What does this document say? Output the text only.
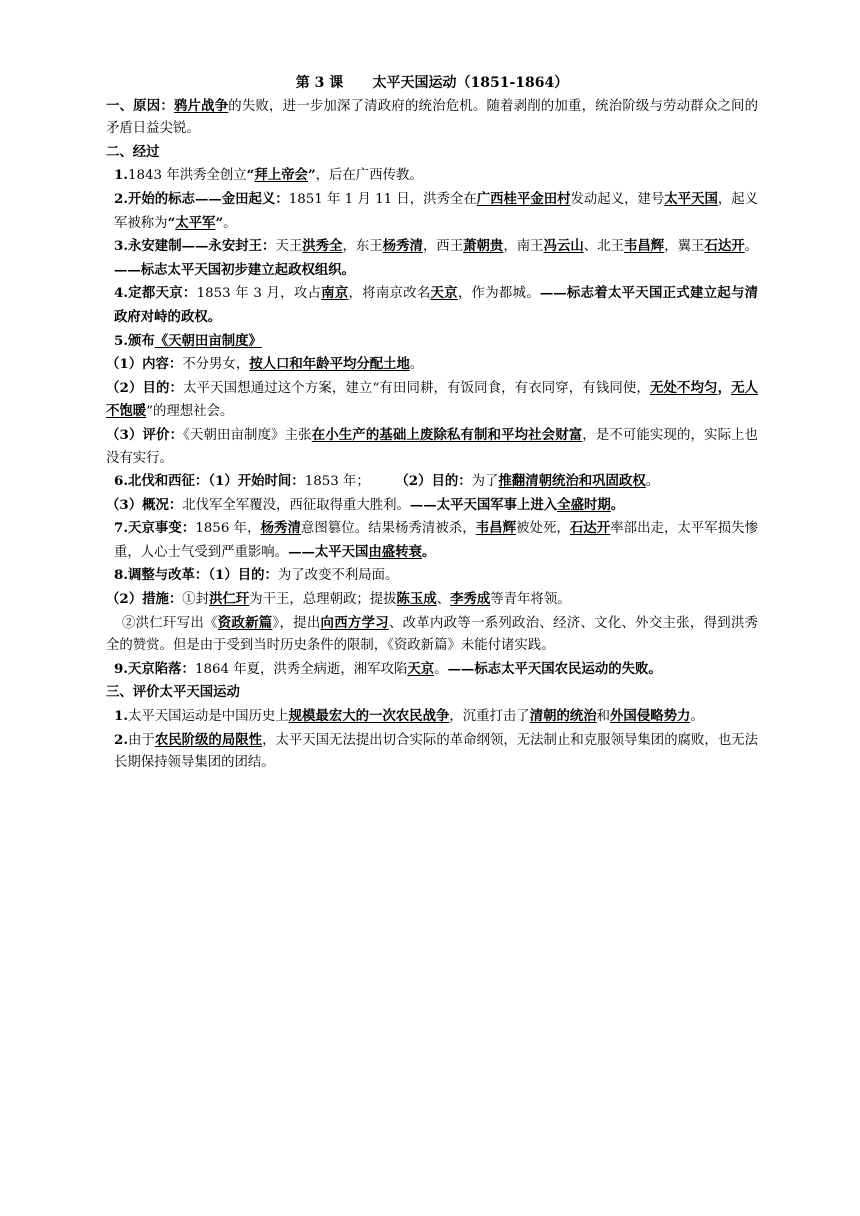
第 3 课 太平天国运动（1851-1864）

一、原因：鸦片战争的失败，进一步加深了清政府的统治危机。随着剥削的加重，统治阶级与劳动群众之间的矛盾日益尖锐。

二、经过

1.1843 年洪秀全创立“拜上帝会”，后在广西传教。

2.开始的标志——金田起义：1851 年 1 月 11 日，洪秀全在广西桂平金田村发动起义，建号太平天国，起义军被称为“太平军”。

3.永安建制——永安封王：天王洪秀全，东王杨秀清，西王萧朝贵，南王冯云山、北王韦昌辉，翼王石达开。——标志太平天国初步建立起政权组织。

4.定都天京：1853 年 3 月，攻占南京，将南京改名天京，作为都城。——标志着太平天国正式建立起与清政府对峙的政权。

5.颁布《天朝田亩制度》

（1）内容：不分男女，按人口和年龄平均分配土地。

（2）目的：太平天国想通过这个方案，建立“有田同耕，有饭同食，有衣同穿，有钱同使，无处不均匀，无人不饱暖”的理想社会。

（3）评价：《天朝田亩制度》主张在小生产的基础上废除私有制和平均社会财富，是不可能实现的，实际上也没有实行。

6.北伐和西征：（1）开始时间：1853 年； （2）目的：为了推翻清朝统治和巩固政权。

（3）概况：北伐军全军覆没，西征取得重大胜利。——太平天国军事上进入全盛时期。

7.天京事变：1856 年，杨秀清意图篡位。结果杨秀清被杀，韦昌辉被处死，石达开率部出走，太平军损失惨重，人心士气受到严重影响。——太平天国由盛转衰。

8.调整与改革：（1）目的：为了改变不利局面。

（2）措施：①封洪仁玕为干王，总理朝政；提拔陈玉成、李秀成等青年将领。

②洪仁玕写出《资政新篇》，提出向西方学习、改革内政等一系列政治、经济、文化、外交主张，得到洪秀全的赞赏。但是由于受到当时历史条件的限制，《资政新篇》未能付诸实践。

9.天京陷落：1864 年夏，洪秀全病逝，湘军攻陷天京。——标志太平天国农民运动的失败。

三、评价太平天国运动

1.太平天国运动是中国历史上规模最宏大的一次农民战争，沉重打击了清朝的统治和外国侵略势力。

2.由于农民阶级的局限性，太平天国无法提出切合实际的革命纲领，无法制止和克服领导集团的腐败，也无法长期保持领导集团的团结。
